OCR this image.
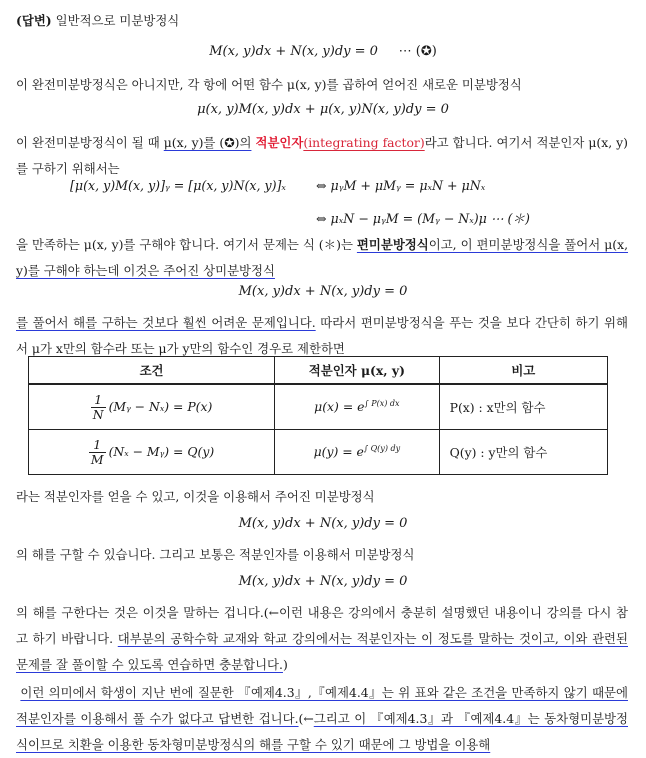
(답변) 일반적으로 미분방정식
M(x, y)dx + N(x, y)dy = 0 ⋯ (✪)
이 완전미분방정식은 아니지만, 각 항에 어떤 함수 μ(x, y)를 곱하여 얻어진 새로운 미분방정식
μ(x, y)M(x, y)dx + μ(x, y)N(x, y)dy = 0
이 완전미분방정식이 될 때 μ(x, y)를 (✪)의 적분인자(integrating factor)라고 합니다. 여기서 적분인자 μ(x, y)를 구하기 위해서는
[μ(x, y)M(x, y)]ᵧ = [μ(x, y)N(x, y)]ₓ ⇔ μᵧM + μMᵧ = μₓN + μNₓ
⇔ μₓN − μᵧM = (Mᵧ − Nₓ)μ ⋯ (＊)
을 만족하는 μ(x, y)를 구해야 합니다. 여기서 문제는 식 (＊)는 편미분방정식이고, 이 편미분방정식을 풀어서 μ(x, y)를 구해야 하는데 이것은 주어진 상미분방정식
M(x, y)dx + N(x, y)dy = 0
를 풀어서 해를 구하는 것보다 훨씬 어려운 문제입니다. 따라서 편미분방정식을 푸는 것을 보다 간단히 하기 위해서 μ가 x만의 함수라 또는 μ가 y만의 함수인 경우로 제한하면
조건	적분인자 μ(x, y)	비고

$\frac{1}{N}$ (Mᵧ − Nₓ) = P(x)	$\mu(x) = e^{\int P(x) dx}$	P(x) : x만의 함수

$\frac{1}{M} (N_x$ − Mᵧ) = Q(y)	$\mu(y) = e^{\int Q(y) dy}$	Q(y) : y만의 함수
라는 적분인자를 얻을 수 있고, 이것을 이용해서 주어진 미분방정식
M(x, y)dx + N(x, y)dy = 0
의 해를 구할 수 있습니다. 그리고 보통은 적분인자를 이용해서 미분방정식
M(x, y)dx + N(x, y)dy = 0
의 해를 구한다는 것은 이것을 말하는 겁니다.(←이런 내용은 강의에서 충분히 설명했던 내용이니 강의를 다시 참고 하기 바랍니다. 대부분의 공학수학 교재와 학교 강의에서는 적분인자는 이 정도를 말하는 것이고, 이와 관련된 문제를 잘 풀이할 수 있도록 연습하면 충분합니다.)
이런 의미에서 학생이 지난 번에 질문한 『예제4.3』,『예제4.4』는 위 표와 같은 조건을 만족하지 않기 때문에 적분인자를 이용해서 풀 수가 없다고 답변한 겁니다.(←그리고 이 『예제4.3』과 『예제4.4』는 동차형미분방정식이므로 치환을 이용한 동차형미분방정식의 해를 구할 수 있기 때문에 그 방법을 이용해
